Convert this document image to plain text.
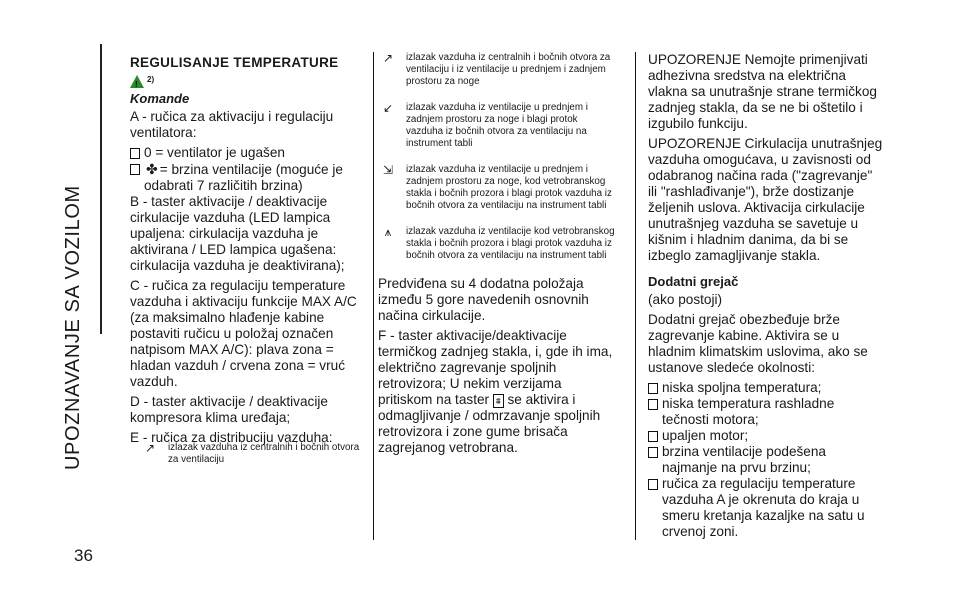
UPOZNAVANJE SA VOZILOM
36
REGULISANJE TEMPERATURE
!
2)
Komande

A - ručica za aktivaciju i regulaciju ventilatora:

0 = ventilator je ugašen
✤ = brzina ventilacije (moguće je odabrati 7 različitih brzina)

B - taster aktivacije / deaktivacije cirkulacije vazduha (LED lampica upaljena: cirkulacija vazduha je aktivirana / LED lampica ugašena: cirkulacija vazduha je deaktivirana);

C - ručica za regulaciju temperature vazduha i aktivaciju funkcije MAX A/C (za maksimalno hlađenje kabine postaviti ručicu u položaj označen natpisom MAX A/C): plava zona = hladan vazduh / crvena zona = vruć vazduh.

D - taster aktivacije / deaktivacije kompresora klima uređaja;

E - ručica za distribuciju vazduha:

↗	izlazak vazduha iz centralnih i bočnih otvora za ventilaciju
↗	izlazak vazduha iz centralnih i bočnih otvora za ventilaciju i iz ventilacije u prednjem i zadnjem prostoru za noge
↙	izlazak vazduha iz ventilacije u prednjem i zadnjem prostoru za noge i blagi protok vazduha iz bočnih otvora za ventilaciju na instrument tabli
⇲	izlazak vazduha iz ventilacije u prednjem i zadnjem prostoru za noge, kod vetrobranskog stakla i bočnih prozora i blagi protok vazduha iz bočnih otvora za ventilaciju na instrument tabli
⩚	izlazak vazduha iz ventilacije kod vetrobranskog stakla i bočnih prozora i blagi protok vazduha iz bočnih otvora za ventilaciju na instrument tabli

Predviđena su 4 dodatna položaja između 5 gore navedenih osnovnih načina cirkulacije.

F - taster aktivacije/deaktivacije termičkog zadnjeg stakla, i, gde ih ima, električno zagrevanje spoljnih retrovizora; U nekim verzijama pritiskom na taster ⩩ se aktivira i odmagljivanje / odmrzavanje spoljnih retrovizora i zone gume brisača zagrejanog vetrobrana.

UPOZORENJE Nemojte primenjivati adhezivna sredstva na električna vlakna sa unutrašnje strane termičkog zadnjeg stakla, da se ne bi oštetilo i izgubilo funkciju.

UPOZORENJE Cirkulacija unutrašnjeg vazduha omogućava, u zavisnosti od odabranog načina rada ("zagrevanje" ili "rashlađivanje"), brže dostizanje željenih uslova. Aktivacija cirkulacije unutrašnjeg vazduha se savetuje u kišnim i hladnim danima, da bi se izbeglo zamagljivanje stakla.

Dodatni grejač

(ako postoji)

Dodatni grejač obezbeđuje brže zagrevanje kabine. Aktivira se u hladnim klimatskim uslovima, ako se ustanove sledeće okolnosti:

niska spoljna temperatura;
niska temperatura rashladne tečnosti motora;
upaljen motor;
brzina ventilacije podešena najmanje na prvu brzinu;
ručica za regulaciju temperature vazduha A je okrenuta do kraja u smeru kretanja kazaljke na satu u crvenoj zoni.
